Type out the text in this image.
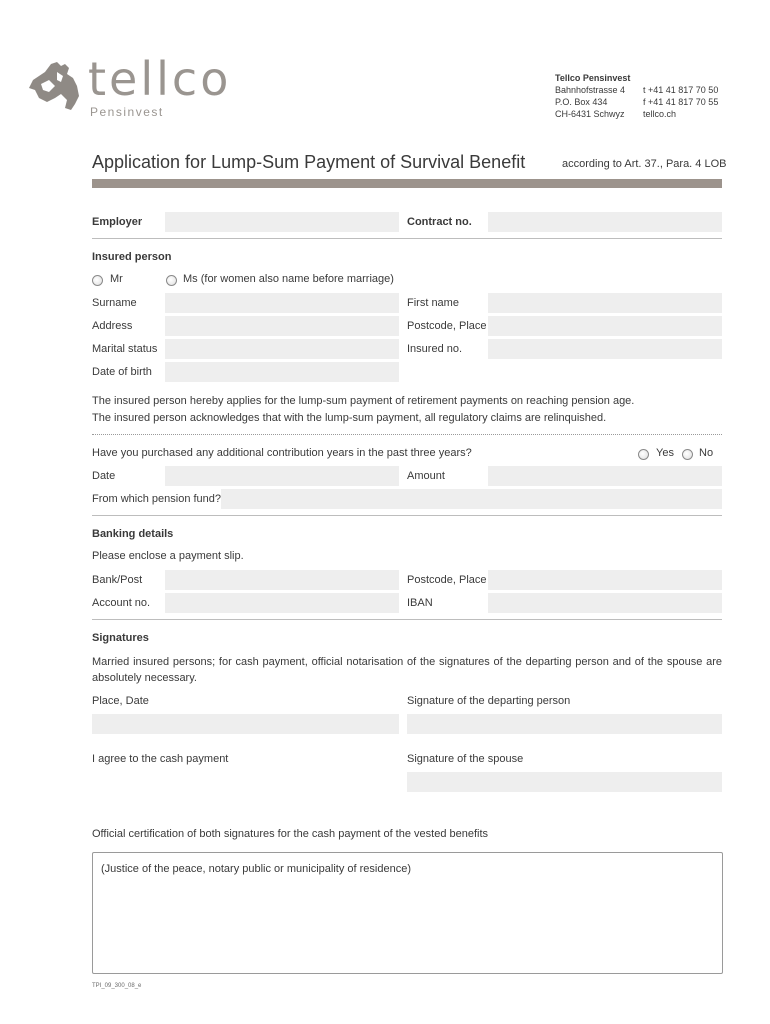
tellco
Pensinvest
Tellco Pensinvest
Bahnhofstrasse 4
P.O. Box 434
CH-6431 Schwyz
t +41 41 817 70 50
f +41 41 817 70 55
tellco.ch
Application for Lump-Sum Payment of Survival Benefit	according to Art. 37., Para. 4 LOB
Employer	Contract no.
Insured person
Mr	Ms (for women also name before marriage)
Surname	First name
Address	Postcode, Place
Marital status	Insured no.
Date of birth
The insured person hereby applies for the lump-sum payment of retirement payments on reaching pension age.
The insured person acknowledges that with the lump-sum payment, all regulatory claims are relinquished.
Have you purchased any additional contribution years in the past three years?	Yes No
Date	Amount
From which pension fund?
Banking details
Please enclose a payment slip.
Bank/Post	Postcode, Place
Account no.	IBAN
Signatures
Married insured persons; for cash payment, official notarisation of the signatures of the departing person and of the spouse are absolutely necessary.
Place, Date	Signature of the departing person
I agree to the cash payment	Signature of the spouse
Official certification of both signatures for the cash payment of the vested benefits
(Justice of the peace, notary public or municipality of residence)
TPI_09_300_08_e
